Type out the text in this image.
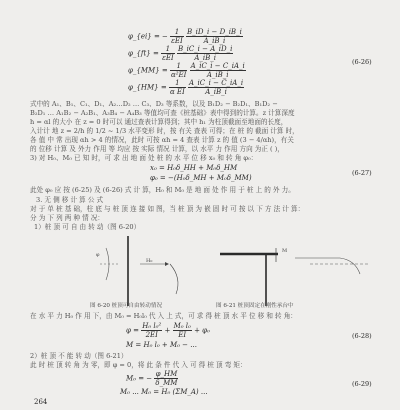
φ_{ei} = − $\frac{1}{\text{εEI}}$
$\frac{B\_iD\_i - D\_iB\_i}{A\_iB\_i}$
φ_{ft} = $\frac{1}{\text{εEI}}$
$\frac{B\_iC\_i - A\_iD\_i}{A\_iB\_i}$
φ_{MM} = $\frac{1}{\text{α²EI}}$
$\frac{A\_iC\_i - C\_iA\_i}{A\_iB\_i}$
φ_{HM} = $\frac{1}{\text{α EI}}$
$\frac{A\_iC\_i - C\_iA\_i}{A\_iB\_i}$
(6-26)
式中的 A₁、B₁、C₁、D₁、A₂…D₂ … C₃、D₃ 等系数，以及 B₁D₂ − B₂D₁、B₁D₂ −
B₂D₁ … A₁B₂ − A₂B₁、A₃B₄ − A₄B₃ 等值均可查《桩基础》表中得到的计算。z 计算深度
h = αl 的大小 在 z = 0 时可以 通过查表计算得到；其中 h₁ 为柱顶截面至地面的长度，
入计计 地 z = 2/h 的 1/2 ~ 1/3 水平变形 时，按 有关 查表 可得；在 桩 的 截面 计算 时，
各 值 中 常 出现 αh > 4 的情况，此时 可按 αh = 4 查表 计算 z 的 值 (3 − 4/αh)，有关
的 位移 计算 及 外力 作用 等 均应 按 实际 情况 计算，以 水平 力 作用 方向 为正 ( )，
3) 对 H₀、M₀ 已 知 时，可 求 出 地 面 处 桩 的 水 平 位 移 x₀ 和 转 角 φ₀：
x₀ = H₀δ_HH + M₀δ_HM
φ₀ = −(H₀δ_MH + M₀δ_MM)
(6-27)
此处 φ₀ 应 按 (6-25) 及 (6-26) 式 计 算，H₀ 和 M₀ 是 地 面 处 作 用 于 桩 上 的 外 力。
3. 无 侧 移 计 算 公 式
对 于 单 桩 基 础，柱 底 与 桩 顶 连 接 如 图，当 桩 顶 为 嵌 固 时 可 按 以 下 方 法 计 算：
分 为 下 列 两 种 情 况：
1）桩 顶 可 自 由 转 动（图 6-20）
φ
H₀
M
图 6-20 桩顶可自由转动情况	图 6-21 桩顶固定在刚性承台中
在 水 平 力 H₀ 作 用 下，由 M₀ = H₀l₀ 代 入 上 式，可 求 得 桩 顶 水 平 位 移 和 转 角：
$\varphi = \frac{\text{H₀ l₀²}}{2EI} + \frac{\text{M₀ l₀}}{EI} + \varphi_0$
M = H₀ l₀ + M₀ − ...
(6-28)
2）桩 顶 不 能 转 动（图 6-21）
此 时 桩 顶 转 角 为 零，即 φ = 0，将 此 条 件 代 入 可 得 桩 顶 弯 矩：
M₀ = − $\frac{\varphi\_HM}{\delta\_MM}$
M₀ ... M₀ = H₀ (ΣM_A) ...
(6-29)
264
